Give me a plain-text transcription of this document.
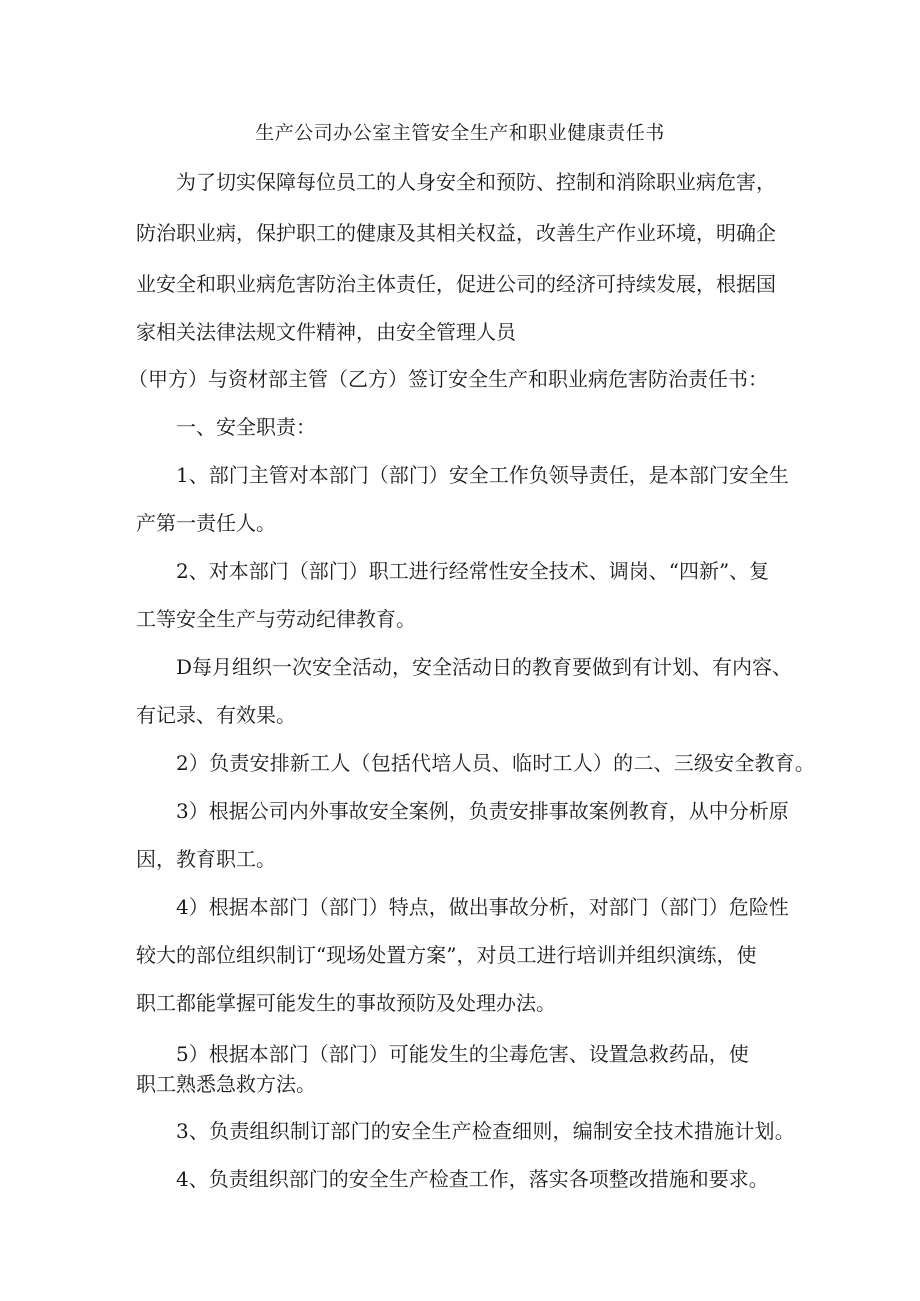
生产公司办公室主管安全生产和职业健康责任书
为了切实保障每位员工的人身安全和预防、控制和消除职业病危害，
防治职业病，保护职工的健康及其相关权益，改善生产作业环境，明确企
业安全和职业病危害防治主体责任，促进公司的经济可持续发展，根据国
家相关法律法规文件精神，由安全管理人员
（甲方）与资材部主管（乙方）签订安全生产和职业病危害防治责任书：
一、安全职责：
1、部门主管对本部门（部门）安全工作负领导责任，是本部门安全生
产第一责任人。
2、对本部门（部门）职工进行经常性安全技术、调岗、“四新”、复
工等安全生产与劳动纪律教育。
D每月组织一次安全活动，安全活动日的教育要做到有计划、有内容、
有记录、有效果。
2）负责安排新工人（包括代培人员、临时工人）的二、三级安全教育。
3）根据公司内外事故安全案例，负责安排事故案例教育，从中分析原
因，教育职工。
4）根据本部门（部门）特点，做出事故分析，对部门（部门）危险性
较大的部位组织制订“现场处置方案”，对员工进行培训并组织演练，使
职工都能掌握可能发生的事故预防及处理办法。
5）根据本部门（部门）可能发生的尘毒危害、设置急救药品，使
职工熟悉急救方法。
3、负责组织制订部门的安全生产检查细则，编制安全技术措施计划。
4、负责组织部门的安全生产检查工作，落实各项整改措施和要求。
